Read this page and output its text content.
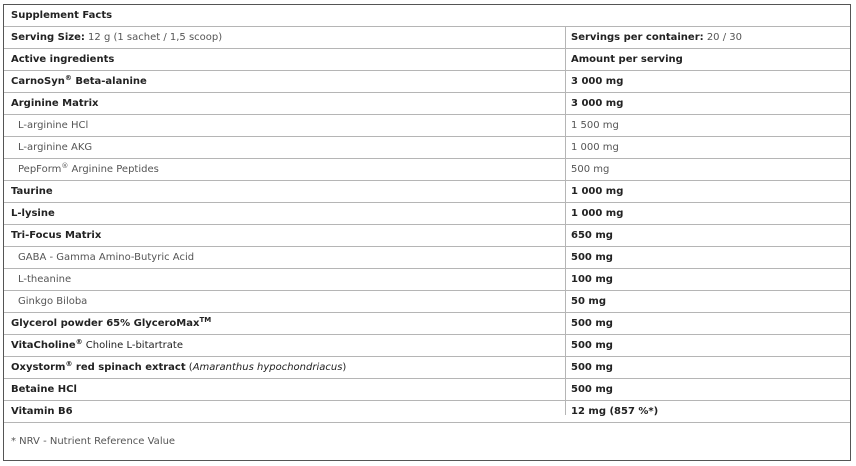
Supplement Facts
Serving Size: 12 g (1 sachet / 1,5 scoop)	Servings per container: 20 / 30
Active ingredients	Amount per serving
CarnoSyn® Beta-alanine	3 000 mg
Arginine Matrix	3 000 mg
L-arginine HCl	1 500 mg
L-arginine AKG	1 000 mg
PepForm® Arginine Peptides	500 mg
Taurine	1 000 mg
L-lysine	1 000 mg
Tri-Focus Matrix	650 mg
GABA - Gamma Amino-Butyric Acid	500 mg
L-theanine	100 mg
Ginkgo Biloba	50 mg
Glycerol powder 65% GlyceroMax™	500 mg
VitaCholine® Choline L-bitartrate	500 mg
Oxystorm® red spinach extract (Amaranthus hypochondriacus)	500 mg
Betaine HCl	500 mg
Vitamin B6	12 mg (857 %*)
* NRV - Nutrient Reference Value
